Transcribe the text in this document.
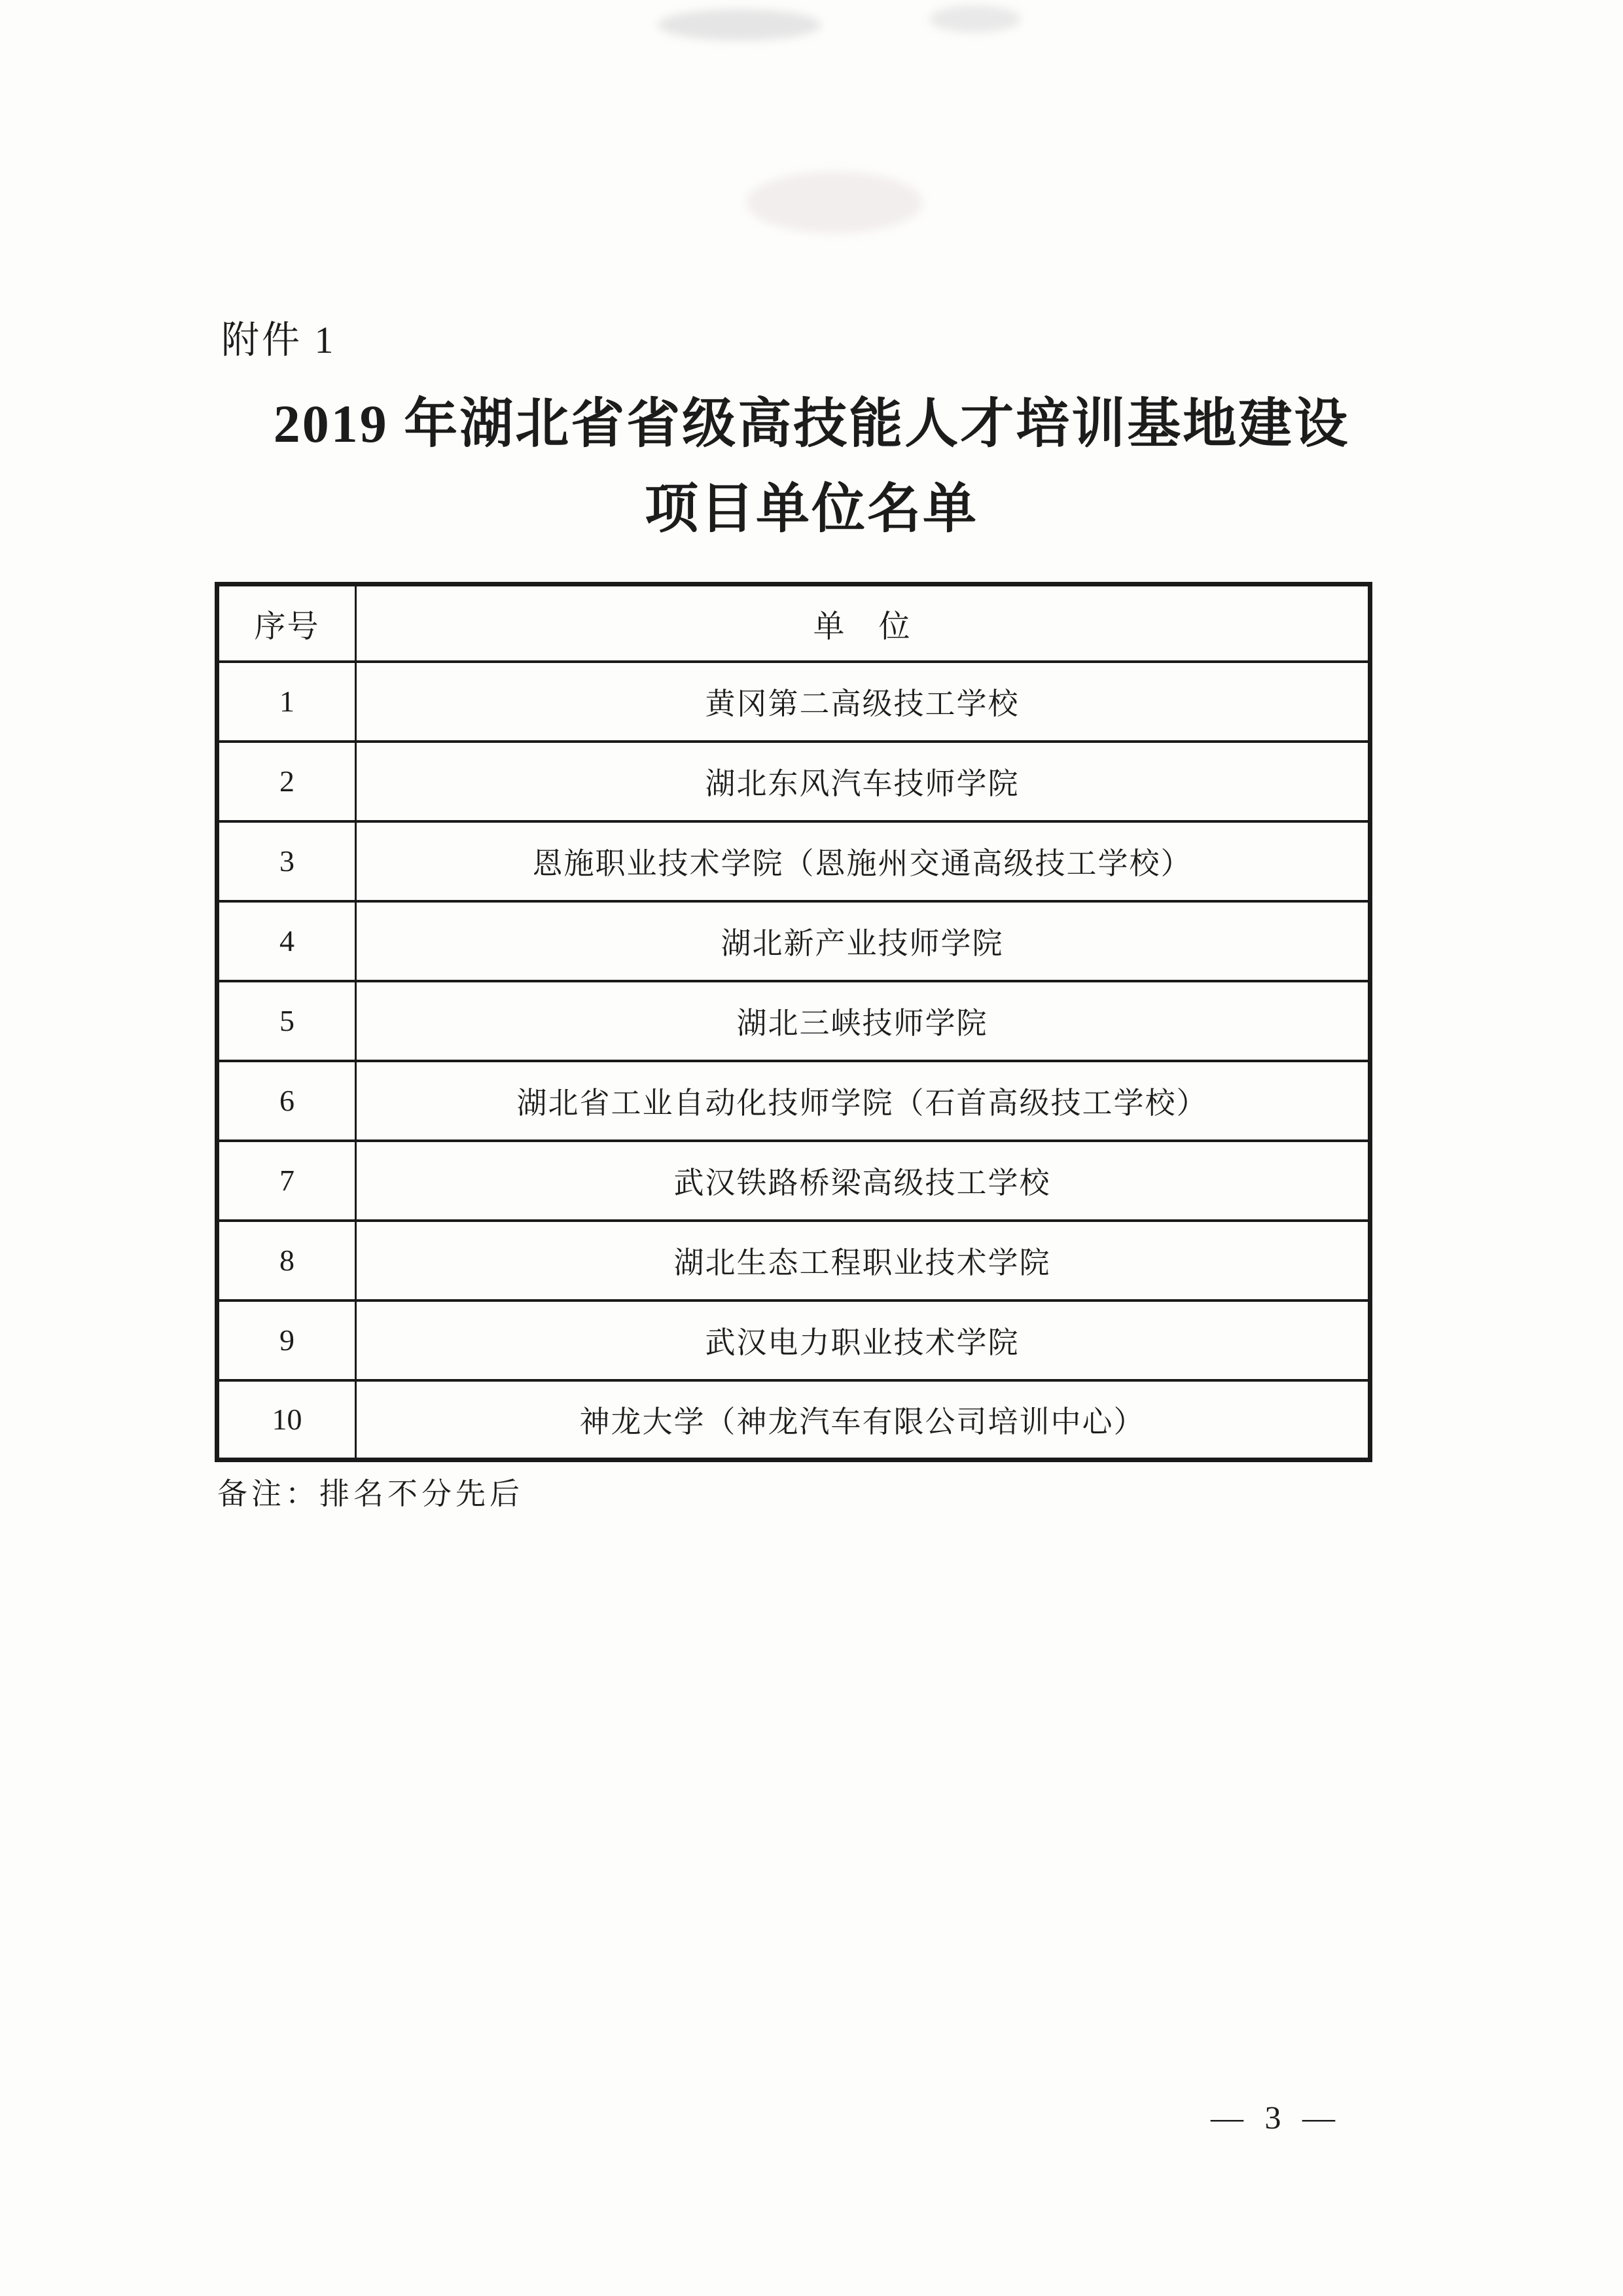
附件 1
2019 年湖北省省级高技能人才培训基地建设
项目单位名单
序号	单　位
1	黄冈第二高级技工学校
2	湖北东风汽车技师学院
3	恩施职业技术学院（恩施州交通高级技工学校）
4	湖北新产业技师学院
5	湖北三峡技师学院
6	湖北省工业自动化技师学院（石首高级技工学校）
7	武汉铁路桥梁高级技工学校
8	湖北生态工程职业技术学院
9	武汉电力职业技术学院
10	神龙大学（神龙汽车有限公司培训中心）
备注：排名不分先后
— 3 —
